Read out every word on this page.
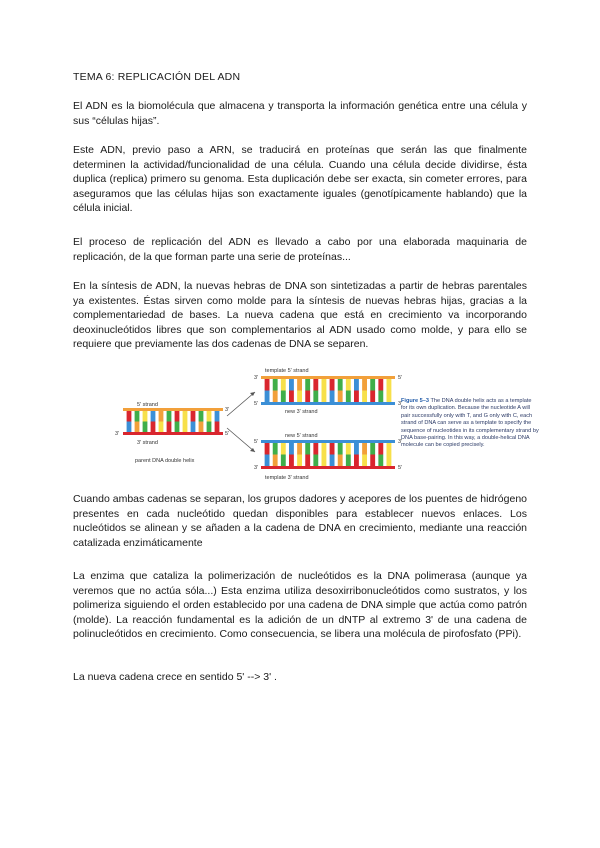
TEMA 6: REPLICACIÓN DEL ADN

El ADN es la biomolécula que almacena y transporta la información genética entre una célula y sus “células hijas”.

Este ADN, previo paso a ARN, se traducirá en proteínas que serán las que finalmente determinen la actividad/funcionalidad de una célula. Cuando una célula decide dividirse, ésta duplica (replica) primero su genoma. Esta duplicación debe ser exacta, sin cometer errores, para aseguramos que las células hijas son exactamente iguales (genotípicamente hablando) que la célula inicial.

El proceso de replicación del ADN es llevado a cabo por una elaborada maquinaria de replicación, de la que forman parte una serie de proteínas...

En la síntesis de ADN, la nuevas hebras de DNA son sintetizadas a partir de hebras parentales ya existentes. Éstas sirven como molde para la síntesis de nuevas hebras hijas, gracias a la complementariedad de bases. La nueva cadena que está en crecimiento va incorporando deoxinucleótidos libres que son complementarios al ADN usado como molde, y para ello se requiere que previamente las dos cadenas de DNA se separen.

5' strand
3'
3'
5'
3' strand
parent DNA double helix
template 5' strand
3'	5'
5'	3'
new 3' strand
new 5' strand
5'	3'
3'	5'
template 3' strand
Figure 5–3 The DNA double helix acts as a template for its own duplication. Because the nucleotide A will pair successfully only with T, and G only with C, each strand of DNA can serve as a template to specify the sequence of nucleotides in its complementary strand by DNA base-pairing. In this way, a double-helical DNA molecule can be copied precisely.

Cuando ambas cadenas se separan, los grupos dadores y acepores de los puentes de hidrógeno presentes en cada nucleótido quedan disponibles para establecer nuevos enlaces. Los nucleótidos se alinean y se añaden a la cadena de DNA en crecimiento, mediante una reacción catalizada enzimáticamente

La enzima que cataliza la polimerización de nucleótidos es la DNA polimerasa (aunque ya veremos que no actúa sóla...) Esta enzima utiliza desoxirribonucleótidos como sustratos, y los polimeriza siguiendo el orden establecido por una cadena de DNA simple que actúa como patrón (molde). La reacción fundamental es la adición de un dNTP al extremo 3' de una cadena de polinucleótidos en crecimiento. Como consecuencia, se libera una molécula de pirofosfato (PPi).

La nueva cadena crece en sentido 5' --> 3' .
